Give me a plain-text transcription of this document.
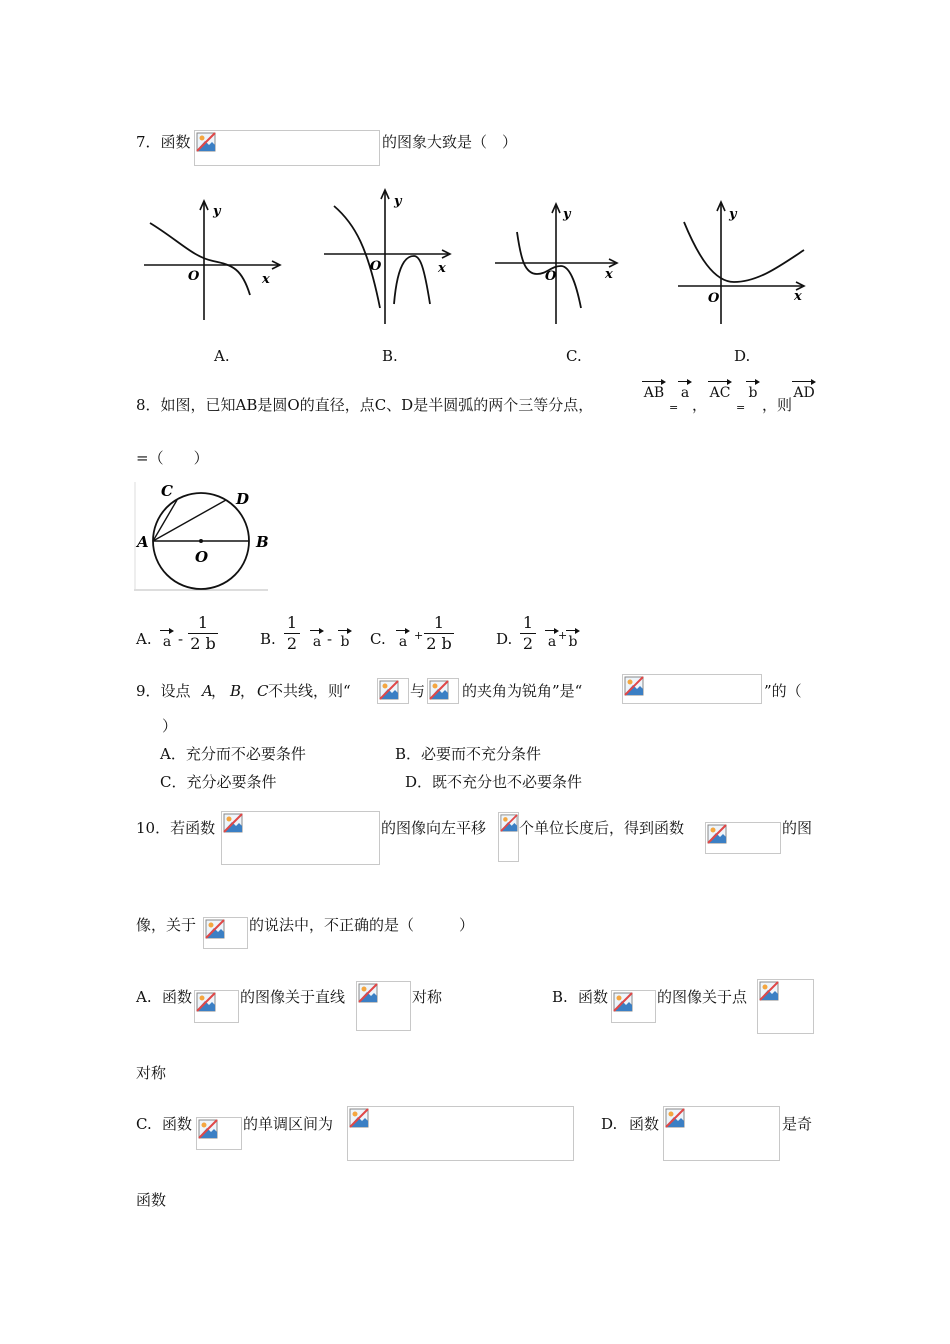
7．函数	的图象大致是（　）
y
x
O
A.
y
x
O
B.
y
x
O
C.
y
x
O
D.
8．如图，已知AB是圆O的直径，点C、D是半圆弧的两个三等分点，
AB
=
a
，
AC
=
b
，则
AD
=（　　）
C	D
A
O
B
A. a -
1
2 b	B.
1
2 a - b C. a +
1
2 b	D.
1
2 a + b
9．设点 A
， B
， C 不共线，则“	与 的夹角为锐角”是“	”的（
）
A．充分而不必要条件	B．必要而不充分条件
C．充分必要条件	D．既不充分也不必要条件
10．若函数	的图像向左平移 个单位长度后，得到函数	的图
像，关于	的说法中，不正确的是（　　　）
A. 函数	的图像关于直线	对称	B. 函数	的图像关于点
对称
C. 函数	的单调区间为	D. 函数	是奇
函数
